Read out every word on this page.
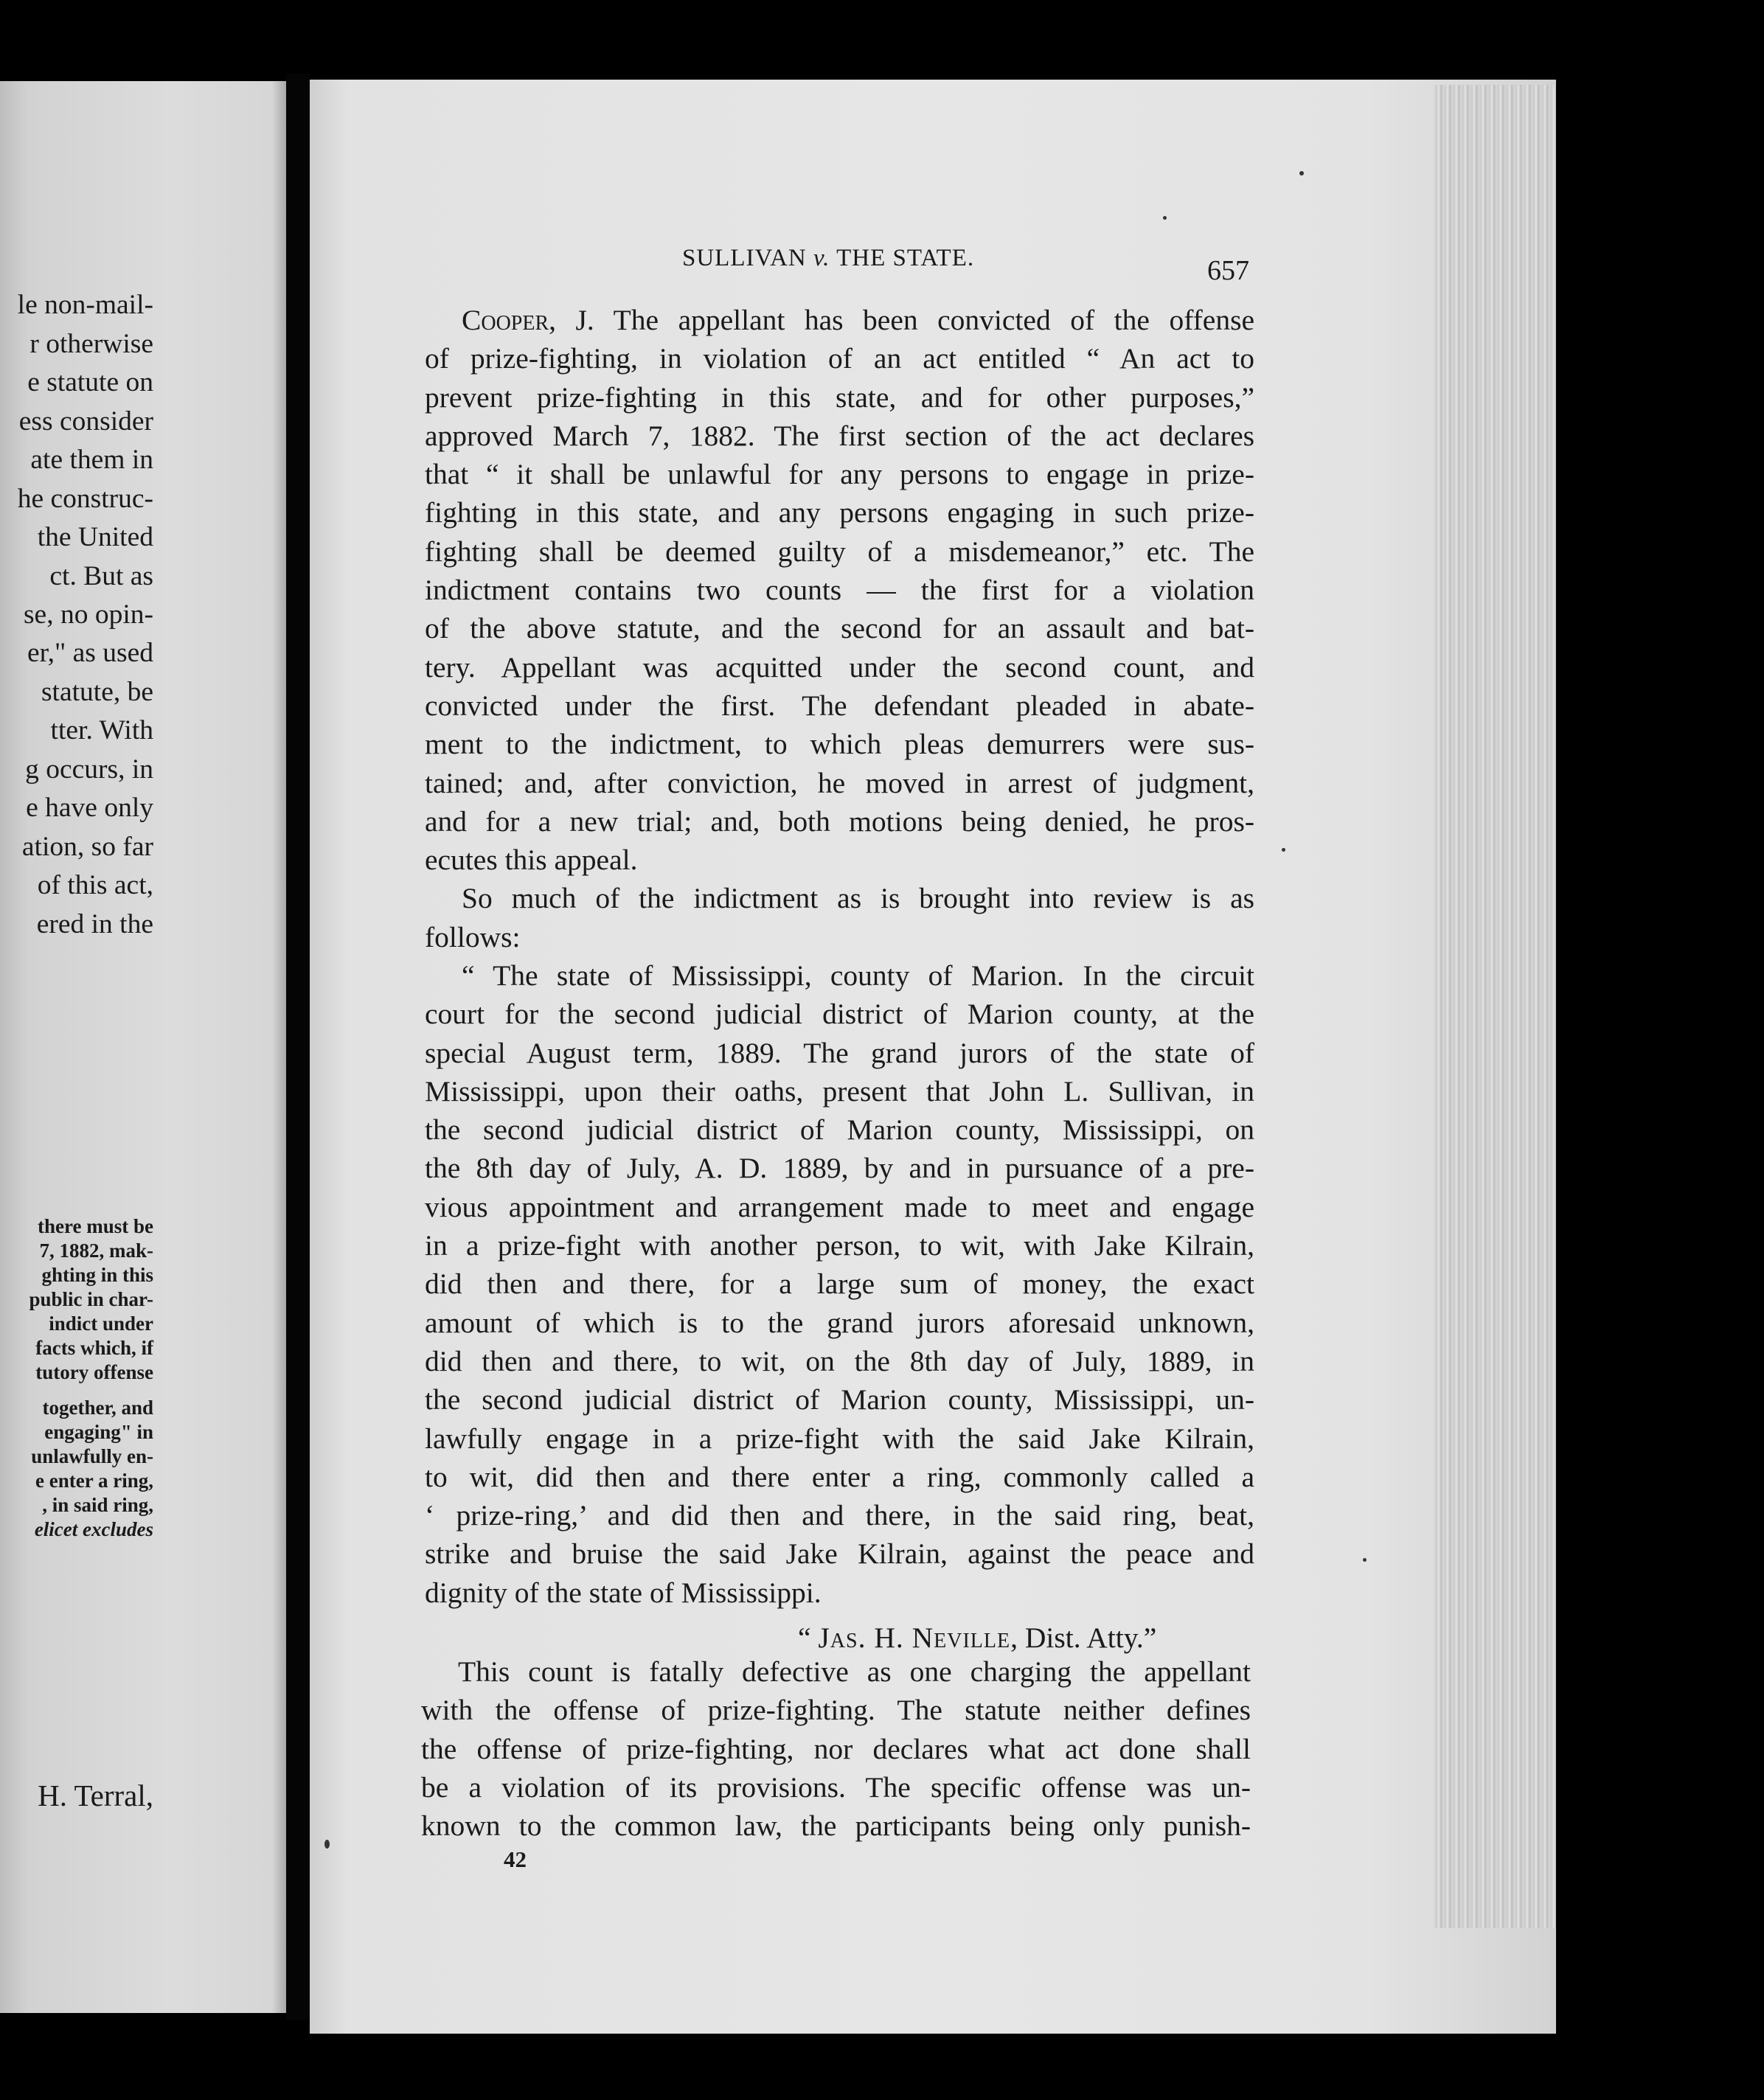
le non-mail-
r otherwise
e statute on
ess consider
ate them in
he construc-
the United
ct. But as
se, no opin-
er," as used
statute, be
tter. With
g occurs, in
e have only
ation, so far
of this act,
ered in the
there must be
7, 1882, mak-
ghting in this
public in char-
indict under
facts which, if
tutory offense
together, and
engaging" in
unlawfully en-
e enter a ring,
, in said ring,
elicet excludes
H. Terral,
SULLIVAN v. THE STATE.	657
Cooper, J. The appellant has been convicted of the offense
of prize-fighting, in violation of an act entitled “ An act to
prevent prize-fighting in this state, and for other purposes,”
approved March 7, 1882. The first section of the act declares
that “ it shall be unlawful for any persons to engage in prize-
fighting in this state, and any persons engaging in such prize-
fighting shall be deemed guilty of a misdemeanor,” etc. The
indictment contains two counts — the first for a violation
of the above statute, and the second for an assault and bat-
tery. Appellant was acquitted under the second count, and
convicted under the first. The defendant pleaded in abate-
ment to the indictment, to which pleas demurrers were sus-
tained; and, after conviction, he moved in arrest of judgment,
and for a new trial; and, both motions being denied, he pros-
ecutes this appeal.
So much of the indictment as is brought into review is as
follows:
“ The state of Mississippi, county of Marion. In the circuit
court for the second judicial district of Marion county, at the
special August term, 1889. The grand jurors of the state of
Mississippi, upon their oaths, present that John L. Sullivan, in
the second judicial district of Marion county, Mississippi, on
the 8th day of July, A. D. 1889, by and in pursuance of a pre-
vious appointment and arrangement made to meet and engage
in a prize-fight with another person, to wit, with Jake Kilrain,
did then and there, for a large sum of money, the exact
amount of which is to the grand jurors aforesaid unknown,
did then and there, to wit, on the 8th day of July, 1889, in
the second judicial district of Marion county, Mississippi, un-
lawfully engage in a prize-fight with the said Jake Kilrain,
to wit, did then and there enter a ring, commonly called a
‘ prize-ring,’ and did then and there, in the said ring, beat,
strike and bruise the said Jake Kilrain, against the peace and
dignity of the state of Mississippi.
“ Jas. H. Neville, Dist. Atty.”
This count is fatally defective as one charging the appellant
with the offense of prize-fighting. The statute neither defines
the offense of prize-fighting, nor declares what act done shall
be a violation of its provisions. The specific offense was un-
known to the common law, the participants being only punish-
42
